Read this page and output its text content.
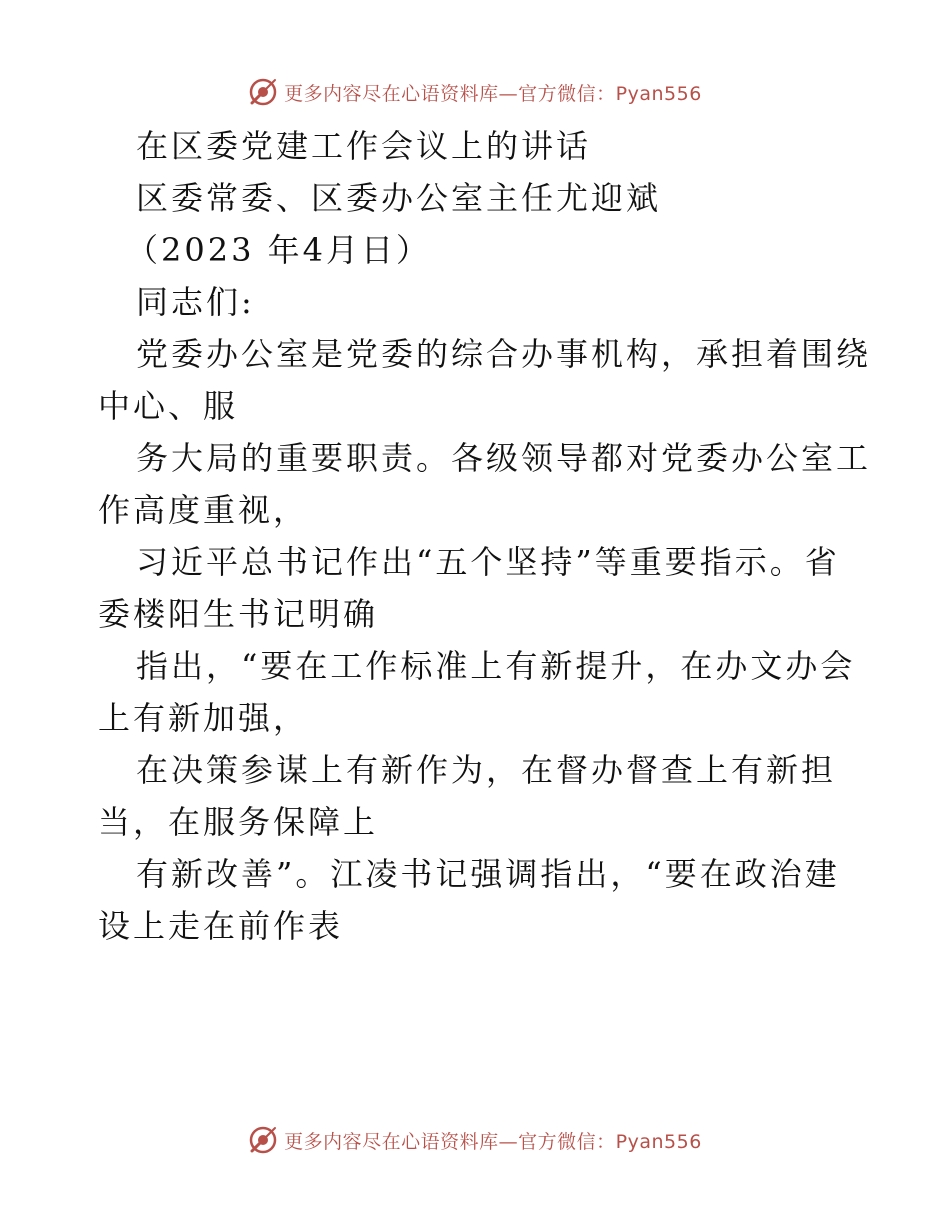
更多内容尽在心语资料库—官方微信：Pyan556
在区委党建工作会议上的讲话
区委常委、区委办公室主任尤迎斌
（2023 年4月日）
同志们:
党委办公室是党委的综合办事机构，承担着围绕
中心、服
务大局的重要职责。各级领导都对党委办公室工
作高度重视，
习近平总书记作出“五个坚持”等重要指示。省
委楼阳生书记明确
指出，“要在工作标准上有新提升，在办文办会
上有新加强，
在决策参谋上有新作为，在督办督查上有新担
当，在服务保障上
有新改善”。江凌书记强调指出，“要在政治建
设上走在前作表
更多内容尽在心语资料库—官方微信：Pyan556
